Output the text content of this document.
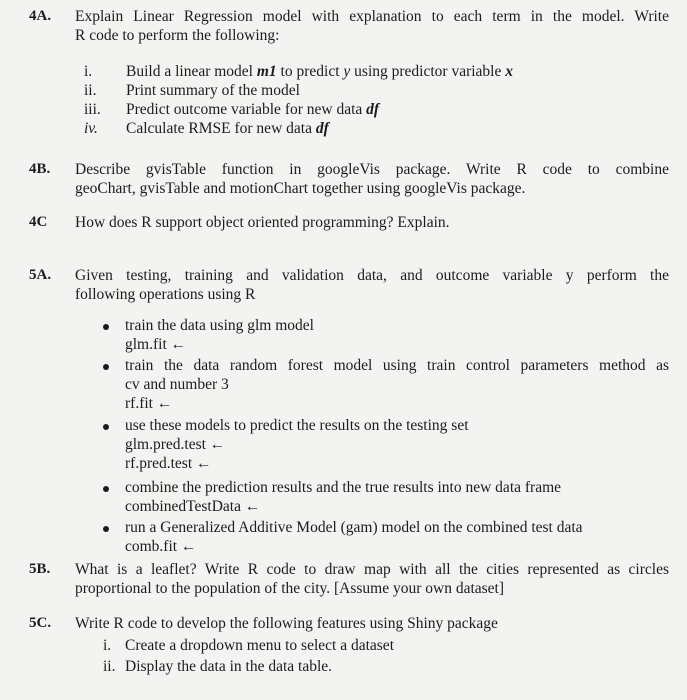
4A. Explain Linear Regression model with explanation to each term in the model. Write
R code to perform the following:
i. Build a linear model m1 to predict y using predictor variable x
ii. Print summary of the model
iii. Predict outcome variable for new data df
iv. Calculate RMSE for new data df
4B. Describe gvisTable function in googleVis package. Write R code to combine
geoChart, gvisTable and motionChart together using googleVis package.
4C How does R support object oriented programming? Explain.
5A. Given testing, training and validation data, and outcome variable y perform the
following operations using R
train the data using glm model
glm.fit ←
train the data random forest model using train control parameters method as
cv and number 3
rf.fit ←
use these models to predict the results on the testing set
glm.pred.test ←
rf.pred.test ←
combine the prediction results and the true results into new data frame
combinedTestData ←
run a Generalized Additive Model (gam) model on the combined test data
comb.fit ←
5B. What is a leaflet? Write R code to draw map with all the cities represented as circles
proportional to the population of the city. [Assume your own dataset]
5C. Write R code to develop the following features using Shiny package
i. Create a dropdown menu to select a dataset
ii. Display the data in the data table.
